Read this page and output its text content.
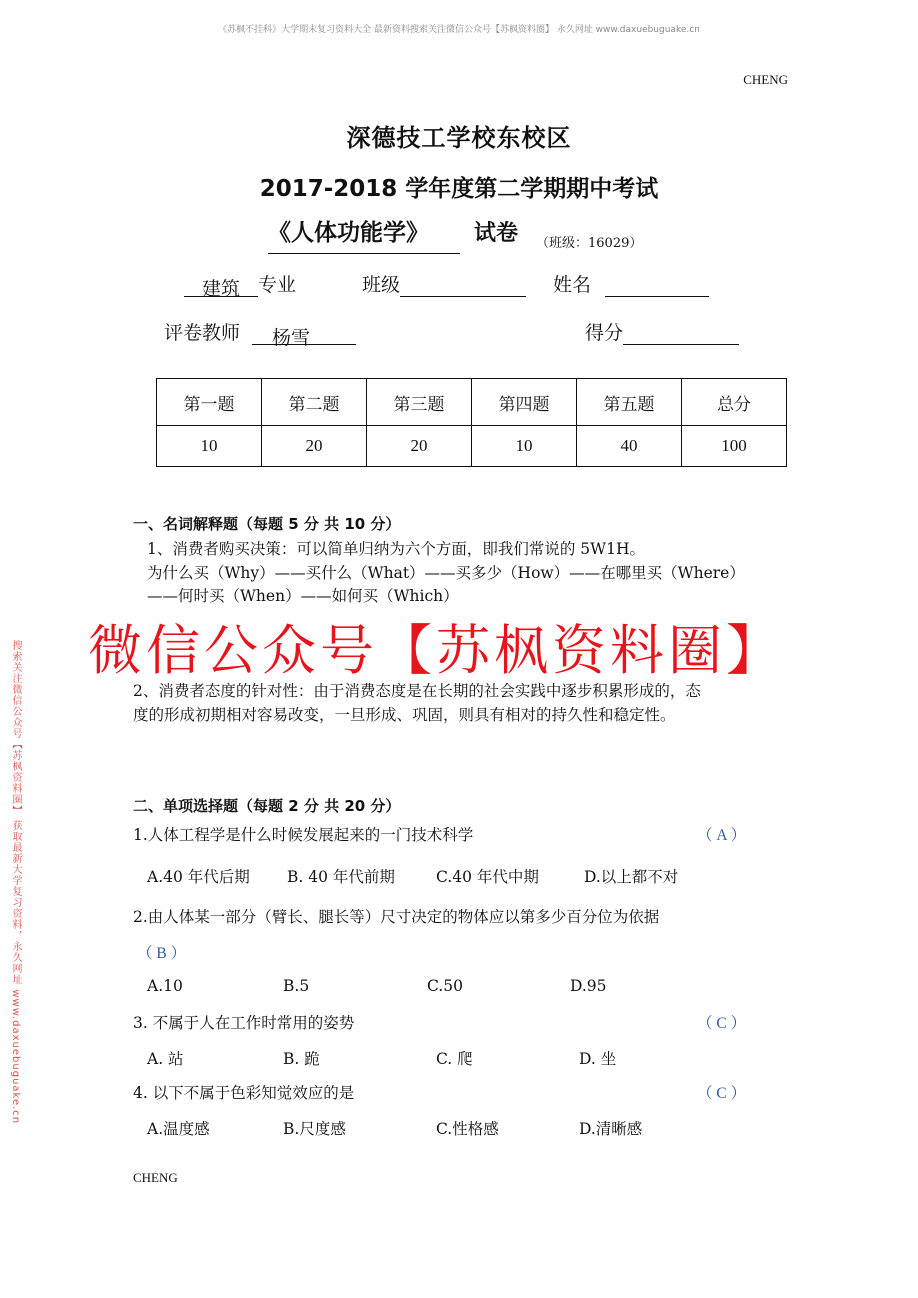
《苏枫不挂科》大学期末复习资料大全 最新资料搜索关注微信公众号【苏枫资料圈】 永久网址 www.daxuebuguake.cn
搜索关注微信公众号【苏枫资料圈】 获取最新大学复习资料，永久网址 www.daxuebuguake.cn
CHENG
深德技工学校东校区
2017-2018 学年度第二学期期中考试
《人体功能学》	试卷 （班级：16029）
建筑 专业	班级	姓名
评卷教师 杨雪	得分
第一题	第二题	第三题	第四题	第五题	总分
10	20	20	10	40	100
一、名词解释题（每题 5 分 共 10 分）
1、消费者购买决策：可以简单归纳为六个方面，即我们常说的 5W1H。
为什么买（Why）——买什么（What）——买多少（How）——在哪里买（Where）
——何时买（When）——如何买（Which）
微信公众号【苏枫资料圈】
2、消费者态度的针对性：由于消费态度是在长期的社会实践中逐步积累形成的，态
度的形成初期相对容易改变，一旦形成、巩固，则具有相对的持久性和稳定性。
二、单项选择题（每题 2 分 共 20 分）
1.人体工程学是什么时候发展起来的一门技术科学	（ A ）
A.40 年代后期 B. 40 年代前期	C.40 年代中期	D.以上都不对
2.由人体某一部分（臂长、腿长等）尺寸决定的物体应以第多少百分位为依据
（ B ）
A.10	B.5	C.50	D.95
3. 不属于人在工作时常用的姿势	（ C ）
A. 站	B. 跪	C. 爬	D. 坐
4. 以下不属于色彩知觉效应的是	（ C ）
A.温度感	B.尺度感	C.性格感	D.清晰感
CHENG
